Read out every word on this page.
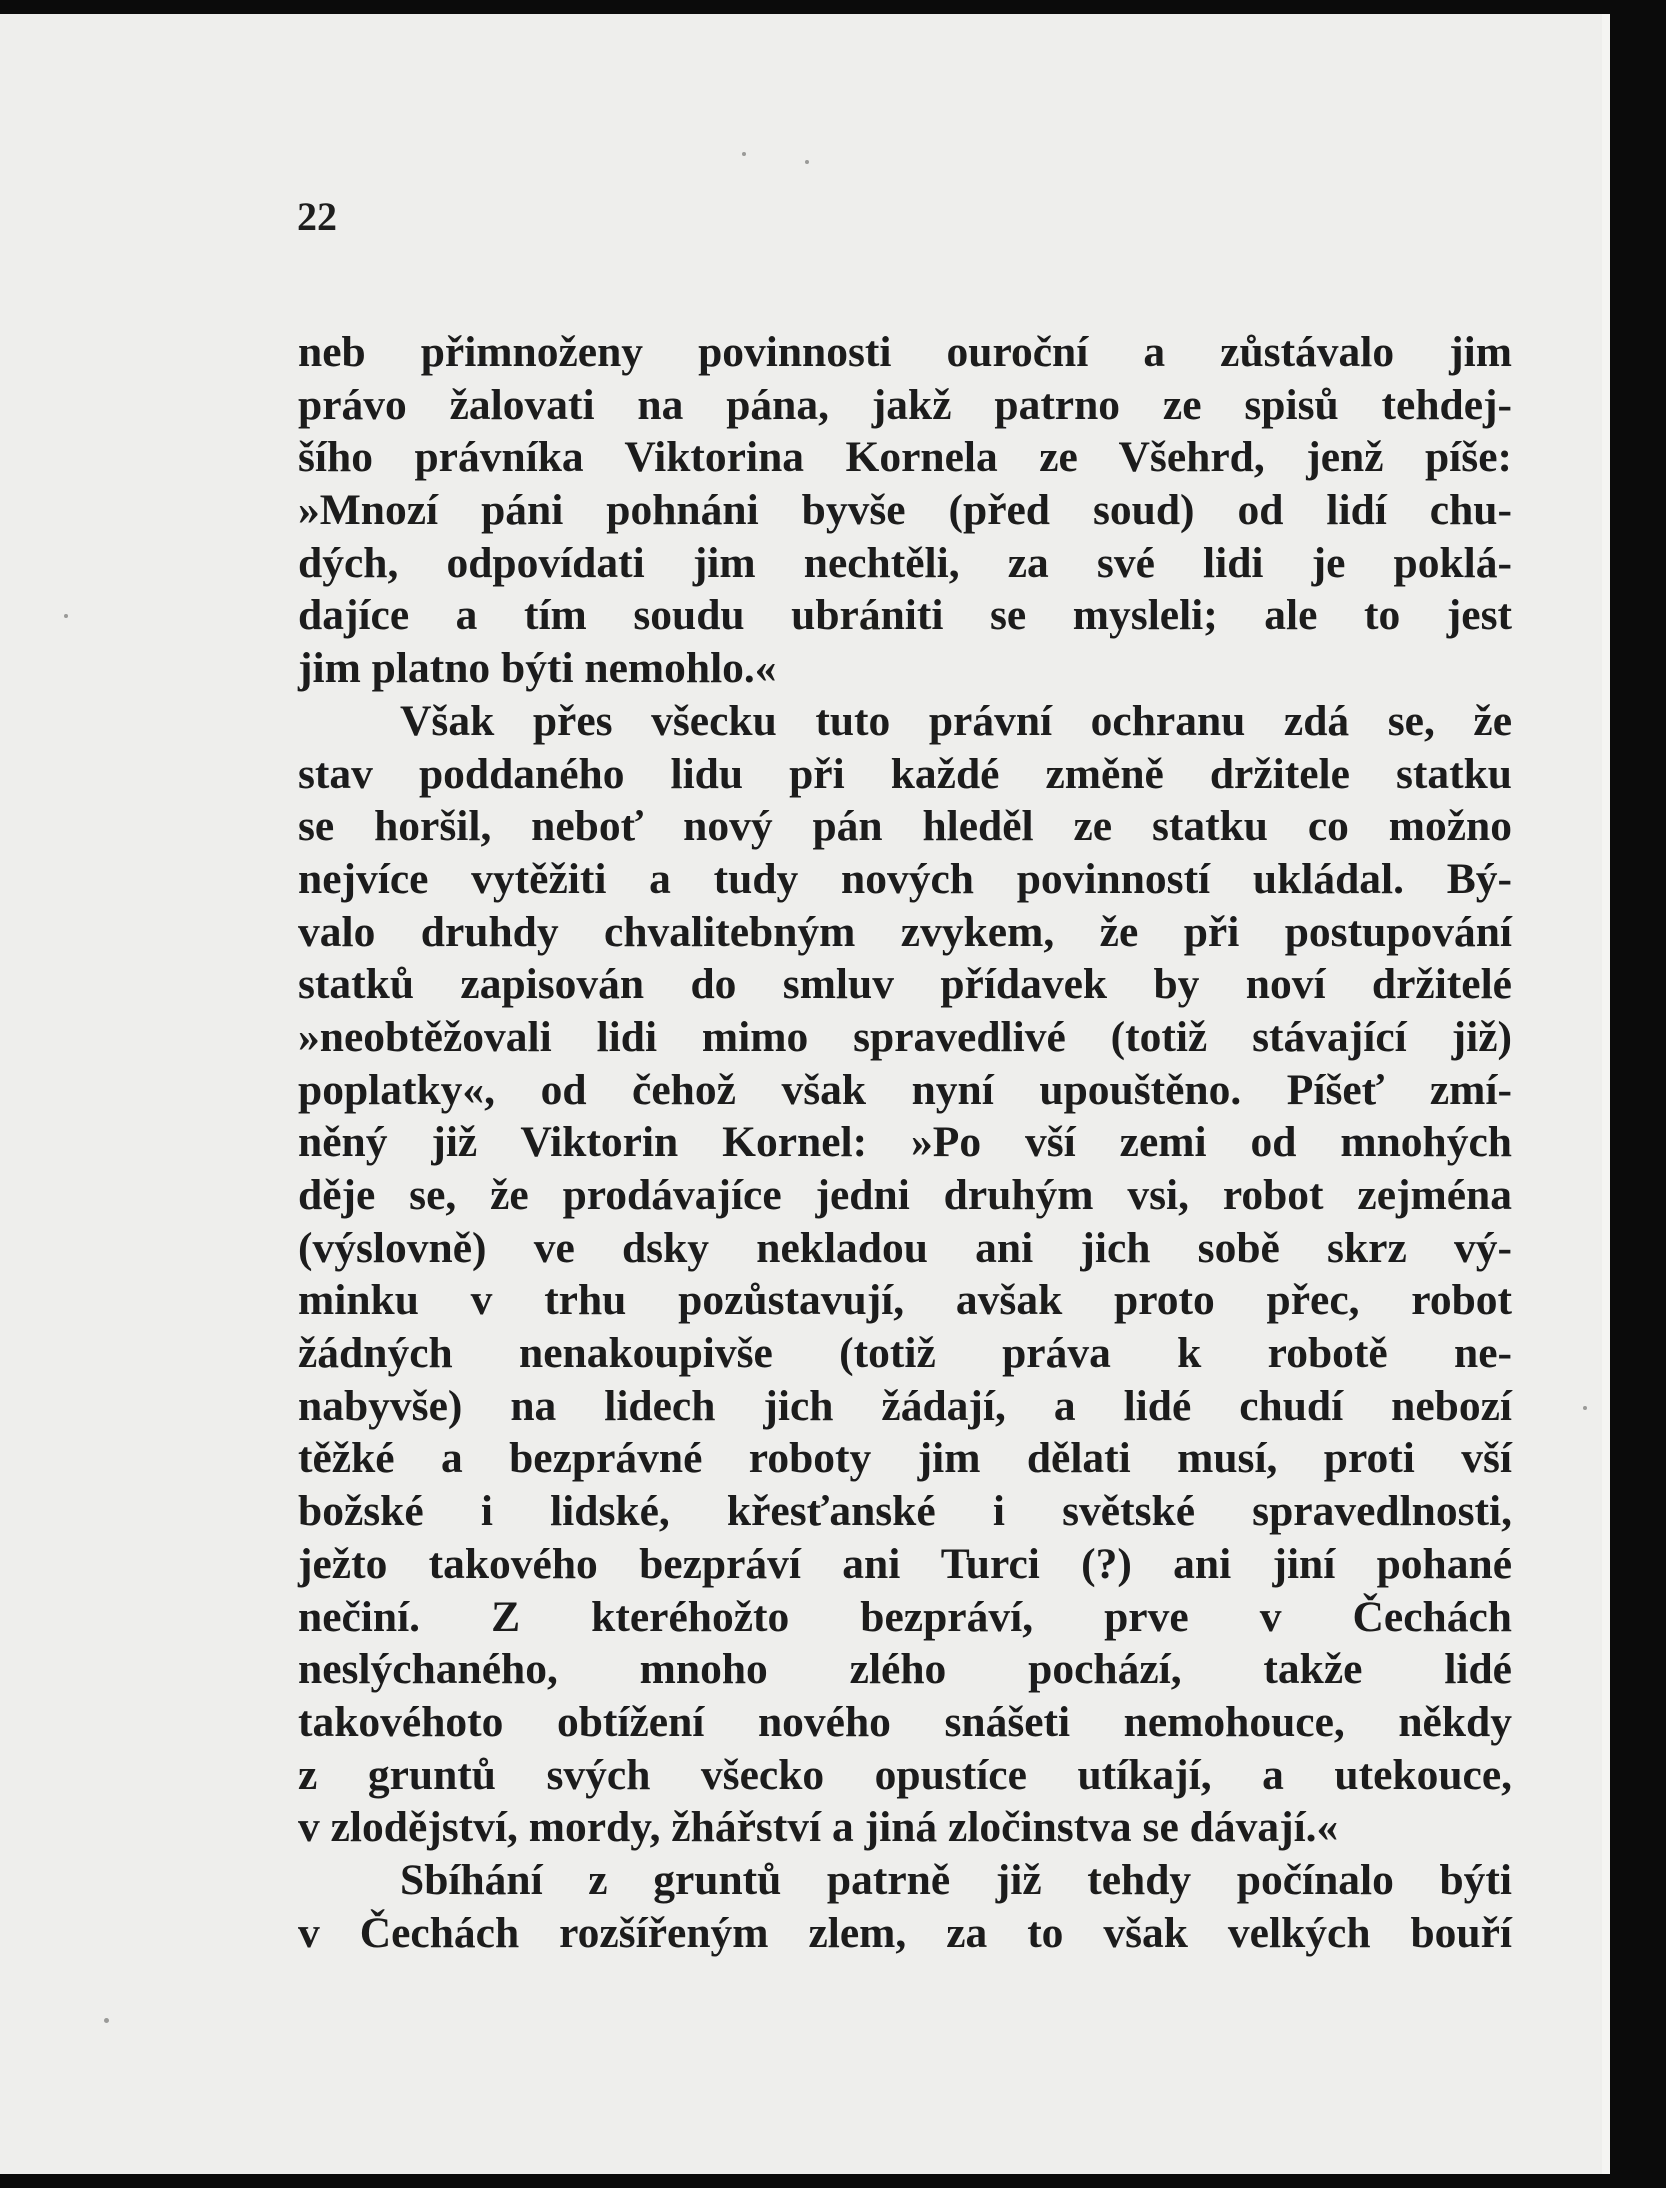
22
neb přimnoženy povinnosti ouroční a zůstávalo jim
právo žalovati na pána, jakž patrno ze spisů tehdej-
šího právníka Viktorina Kornela ze Všehrd, jenž píše:
»Mnozí páni pohnáni byvše (před soud) od lidí chu-
dých, odpovídati jim nechtěli, za své lidi je poklá-
dajíce a tím soudu ubrániti se mysleli; ale to jest
jim platno býti nemohlo.«
Však přes všecku tuto právní ochranu zdá se, že
stav poddaného lidu při každé změně držitele statku
se horšil, neboť nový pán hleděl ze statku co možno
nejvíce vytěžiti a tudy nových povinností ukládal. Bý-
valo druhdy chvalitebným zvykem, že při postupování
statků zapisován do smluv přídavek by noví držitelé
»neobtěžovali lidi mimo spravedlivé (totiž stávající již)
poplatky«, od čehož však nyní upouštěno. Píšeť zmí-
něný již Viktorin Kornel: »Po vší zemi od mnohých
děje se, že prodávajíce jedni druhým vsi, robot zejména
(výslovně) ve dsky nekladou ani jich sobě skrz vý-
minku v trhu pozůstavují, avšak proto přec, robot
žádných nenakoupivše (totiž práva k robotě ne-
nabyvše) na lidech jich žádají, a lidé chudí nebozí
těžké a bezprávné roboty jim dělati musí, proti vší
božské i lidské, křesťanské i světské spravedlnosti,
ježto takového bezpráví ani Turci (?) ani jiní pohané
nečiní. Z kteréhožto bezpráví, prve v Čechách
neslýchaného, mnoho zlého pochází, takže lidé
takovéhoto obtížení nového snášeti nemohouce, někdy
z gruntů svých všecko opustíce utíkají, a utekouce,
v zlodějství, mordy, žhářství a jiná zločinstva se dávají.«
Sbíhání z gruntů patrně již tehdy počínalo býti
v Čechách rozšířeným zlem, za to však velkých bouří
